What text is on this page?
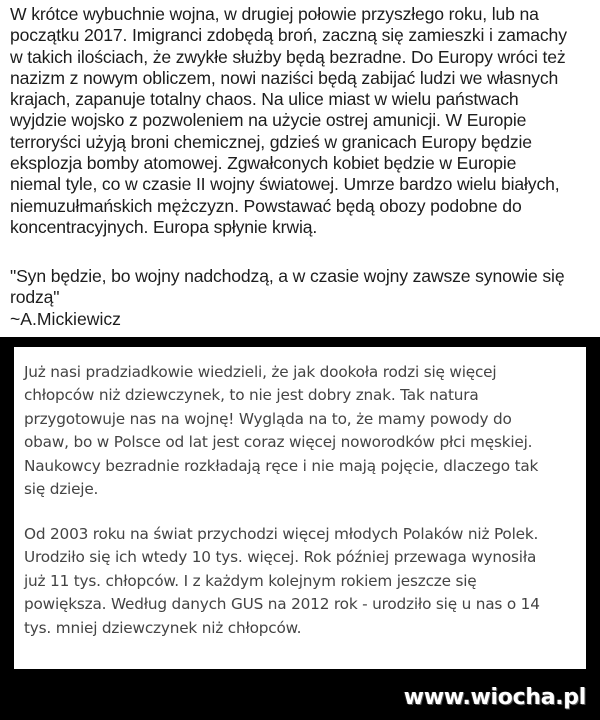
W krótce wybuchnie wojna, w drugiej połowie przyszłego roku, lub na
początku 2017. Imigranci zdobędą broń, zaczną się zamieszki i zamachy
w takich ilościach, że zwykłe służby będą bezradne. Do Europy wróci też
nazizm z nowym obliczem, nowi naziści będą zabijać ludzi we własnych
krajach, zapanuje totalny chaos. Na ulice miast w wielu państwach
wyjdzie wojsko z pozwoleniem na użycie ostrej amunicji. W Europie
terroryści użyją broni chemicznej, gdzieś w granicach Europy będzie
eksplozja bomby atomowej. Zgwałconych kobiet będzie w Europie
niemal tyle, co w czasie II wojny światowej. Umrze bardzo wielu białych,
niemuzułmańskich mężczyzn. Powstawać będą obozy podobne do
koncentracyjnych. Europa spłynie krwią.

"Syn będzie, bo wojny nadchodzą, a w czasie wojny zawsze synowie się
rodzą"

~A.Mickiewicz

Już nasi pradziadkowie wiedzieli, że jak dookoła rodzi się więcej
chłopców niż dziewczynek, to nie jest dobry znak. Tak natura
przygotowuje nas na wojnę! Wygląda na to, że mamy powody do
obaw, bo w Polsce od lat jest coraz więcej noworodków płci męskiej.
Naukowcy bezradnie rozkładają ręce i nie mają pojęcie, dlaczego tak
się dzieje.

Od 2003 roku na świat przychodzi więcej młodych Polaków niż Polek.
Urodziło się ich wtedy 10 tys. więcej. Rok później przewaga wynosiła
już 11 tys. chłopców. I z każdym kolejnym rokiem jeszcze się
powiększa. Według danych GUS na 2012 rok - urodziło się u nas o 14
tys. mniej dziewczynek niż chłopców.

www.wiocha.pl
